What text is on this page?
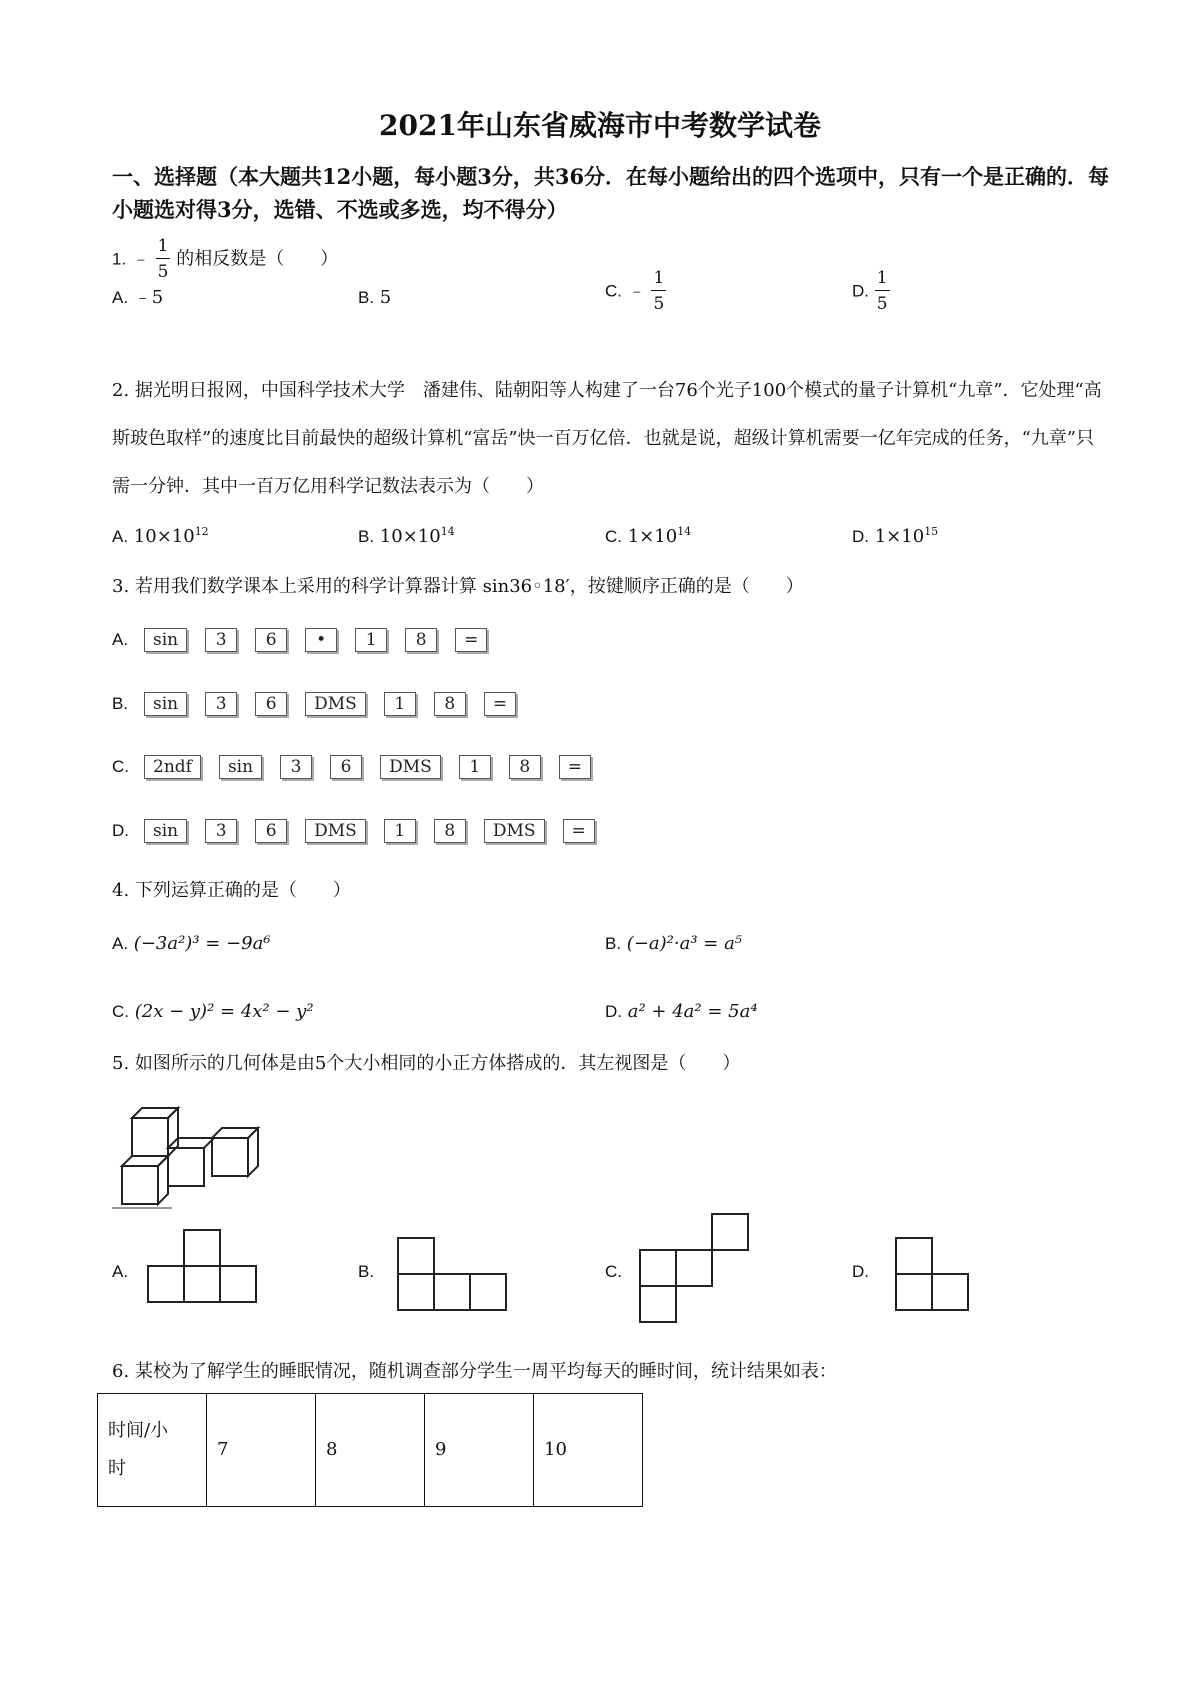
2021年山东省威海市中考数学试卷
一、选择题（本大题共12小题，每小题3分，共36分．在每小题给出的四个选项中，只有一个是正确的．每小题选对得3分，选错、不选或多选，均不得分）
1. ﹣ $\frac{1}{5}$ 的相反数是（　　）
A. ﹣5	B. 5	C. ﹣ $\frac{1}{5}$	D. $\frac{1}{5}$
2. 据光明日报网，中国科学技术大学　潘建伟、陆朝阳等人构建了一台76个光子100个模式的量子计算机“九章”．它处理“高斯玻色取样”的速度比目前最快的超级计算机“富岳”快一百万亿倍．也就是说，超级计算机需要一亿年完成的任务，“九章”只需一分钟．其中一百万亿用科学记数法表示为（　　）
A. $10\times 10^{12}$	B. $10\times 10^{14}$	C. $1\times 10^{14}$	D. $1\times 10^{15}$
3. 若用我们数学课本上采用的科学计算器计算 sin36◦18′，按键顺序正确的是（　　）
A.	sin 3 6 • 1 8 =
B.	sin 3 6 DMS 1 8 =
C.	2ndf sin 3 6 DMS 1 8 =
D.	sin 3 6 DMS 1 8 DMS =
4. 下列运算正确的是（　　）
A. (−3a²)³ = −9a⁶	B. (−a)²·a³ = a⁵
C. (2x − y)² = 4x² − y²	D. a² + 4a² = 5a⁴
5. 如图所示的几何体是由5个大小相同的小正方体搭成的．其左视图是（　　）
A.	B.	C.	D.
6. 某校为了解学生的睡眠情况，随机调查部分学生一周平均每天的睡时间，统计结果如表：
时间/小
时	7	8	9	10
